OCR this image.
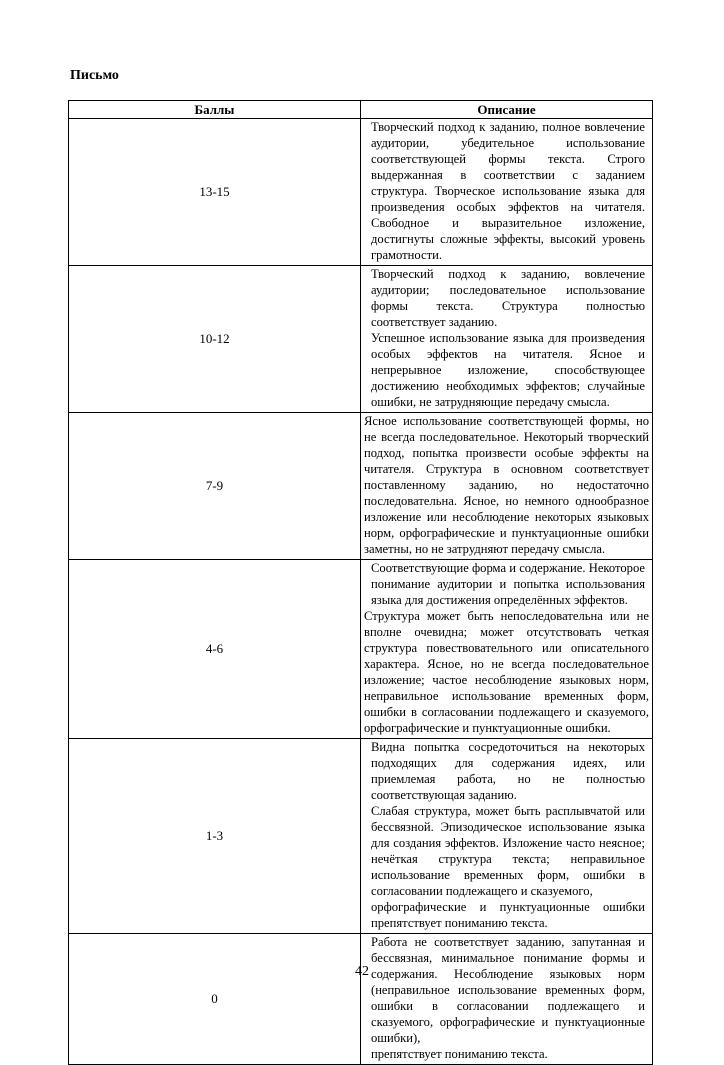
Письмо
Баллы	Описание
13-15	Творческий подход к заданию, полное вовлечение аудитории, убедительное использование соответствующей формы текста. Строго выдержанная в соответствии с заданием структура. Творческое использование языка для произведения особых эффектов на читателя. Свободное и выразительное изложение, достигнуты сложные эффекты, высокий уровень грамотности.

10-12	Творческий подход к заданию, вовлечение аудитории; последовательное использование формы текста. Структура полностью соответствует заданию.

Успешное использование языка для произведения особых эффектов на читателя. Ясное и непрерывное изложение, способствующее достижению необходимых эффектов; случайные ошибки, не затрудняющие передачу смысла.

7-9	Ясное использование соответствующей формы, но не всегда последовательное. Некоторый творческий подход, попытка произвести особые эффекты на читателя. Структура в основном соответствует поставленному заданию, но недостаточно последовательна. Ясное, но немного однообразное изложение или несоблюдение некоторых языковых норм, орфографические и пунктуационные ошибки заметны, но не затрудняют передачу смысла.

4-6	Соответствующие форма и содержание. Некоторое понимание аудитории и попытка использования языка для достижения определённых эффектов.

Структура может быть непоследовательна или не вполне очевидна; может отсутствовать четкая структура повествовательного или описательного характера. Ясное, но не всегда последовательное изложение; частое несоблюдение языковых норм, неправильное использование временных форм, ошибки в согласовании подлежащего и сказуемого, орфографические и пунктуационные ошибки.

1-3	Видна попытка сосредоточиться на некоторых подходящих для содержания идеях, или приемлемая работа, но не полностью соответствующая заданию.

Слабая структура, может быть расплывчатой или бессвязной. Эпизодическое использование языка для создания эффектов. Изложение часто неясное; нечёткая структура текста; неправильное использование временных форм, ошибки в согласовании подлежащего и сказуемого,

орфографические и пунктуационные ошибки препятствует пониманию текста.

0	Работа не соответствует заданию, запутанная и бессвязная, минимальное понимание формы и содержания. Несоблюдение языковых норм (неправильное использование временных форм, ошибки в согласовании подлежащего и сказуемого, орфографические и пунктуационные ошибки),

препятствует пониманию текста.

42
